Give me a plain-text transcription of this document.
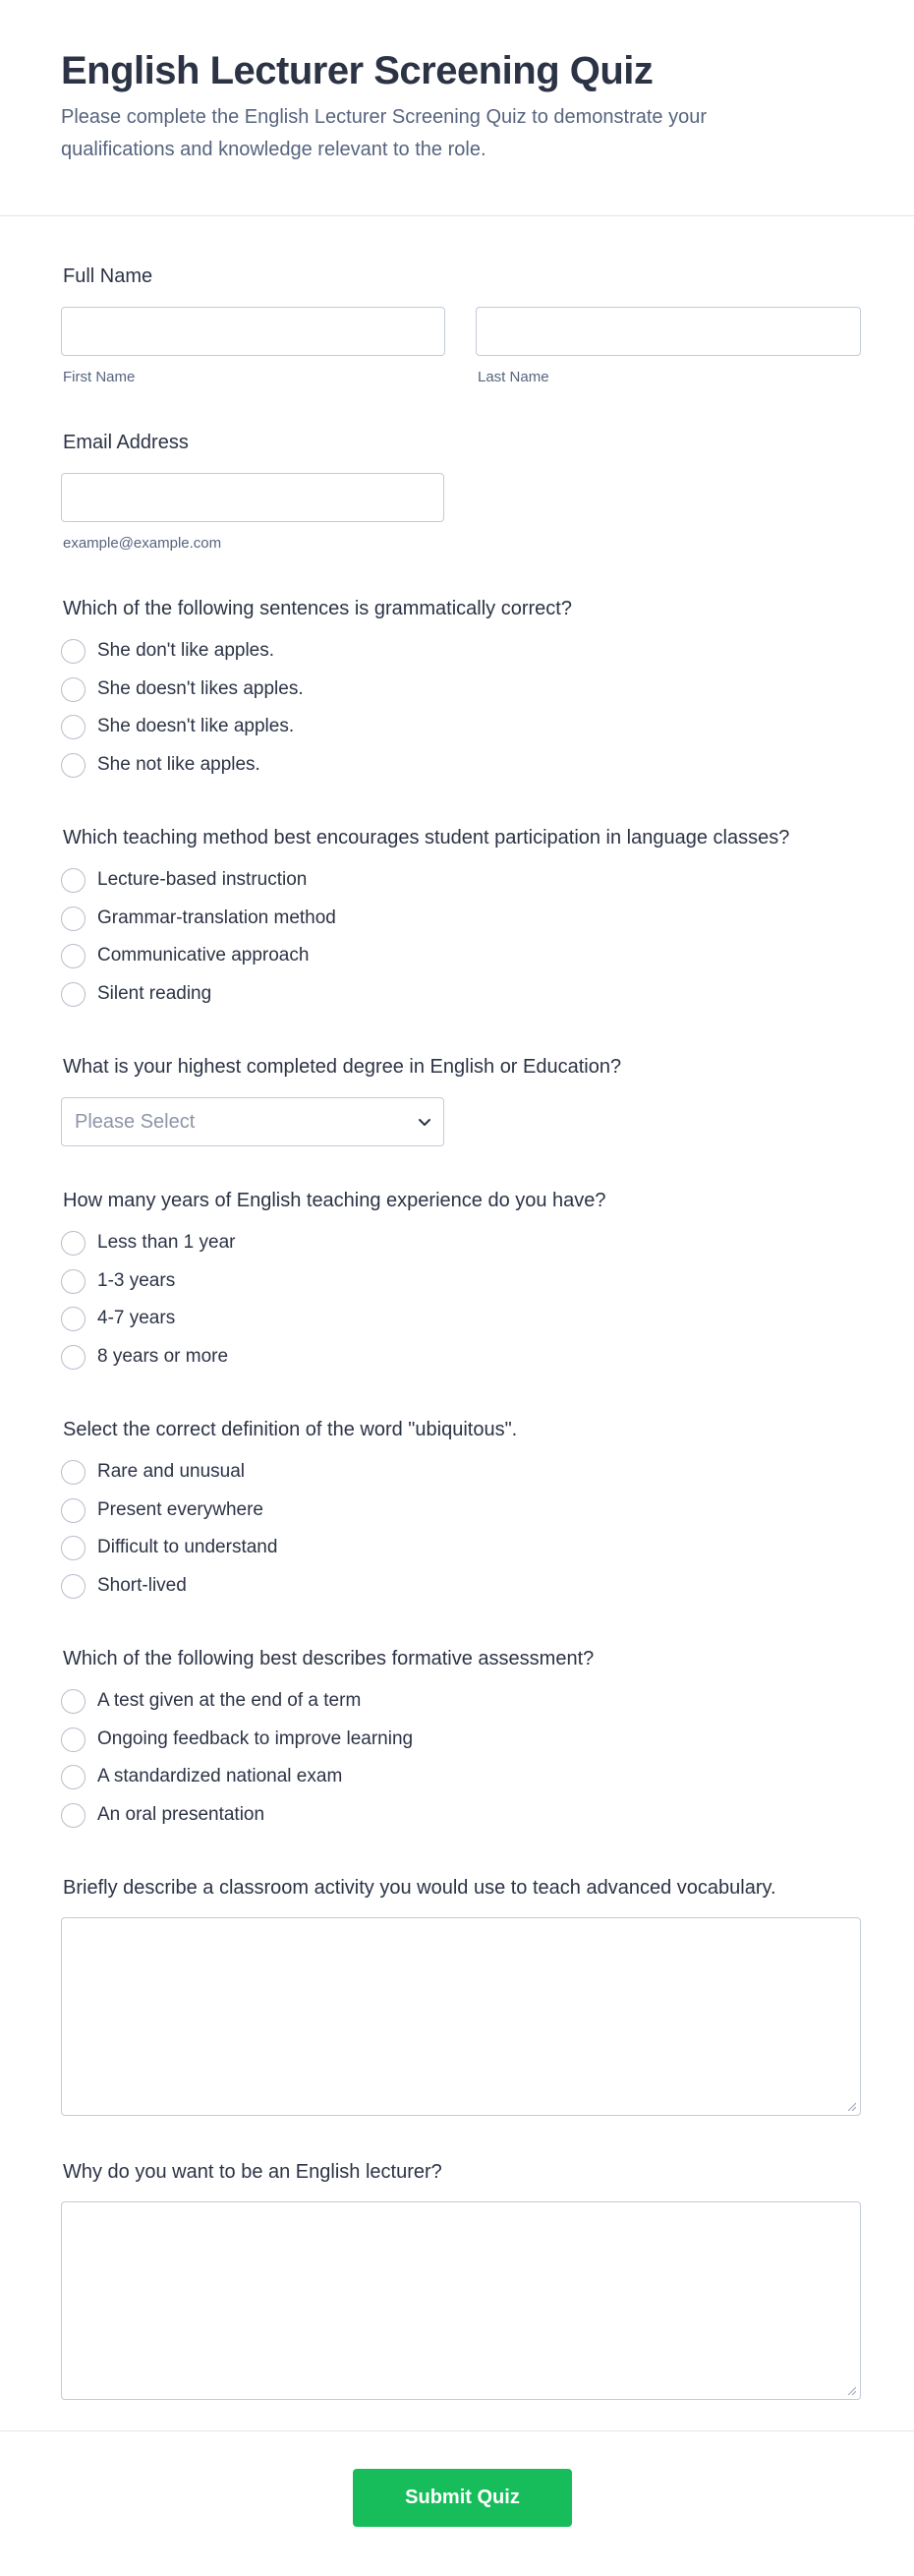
English Lecturer Screening Quiz

Please complete the English Lecturer Screening Quiz to demonstrate your qualifications and knowledge relevant to the role.

Full Name
First Name	Last Name
Email Address
example@example.com
Which of the following sentences is grammatically correct?
She don't like apples.
She doesn't likes apples.
She doesn't like apples.
She not like apples.
Which teaching method best encourages student participation in language classes?
Lecture-based instruction
Grammar-translation method
Communicative approach
Silent reading
What is your highest completed degree in English or Education?
Please Select
How many years of English teaching experience do you have?
Less than 1 year
1-3 years
4-7 years
8 years or more
Select the correct definition of the word "ubiquitous".
Rare and unusual
Present everywhere
Difficult to understand
Short-lived
Which of the following best describes formative assessment?
A test given at the end of a term
Ongoing feedback to improve learning
A standardized national exam
An oral presentation
Briefly describe a classroom activity you would use to teach advanced vocabulary.
Why do you want to be an English lecturer?
Submit Quiz
